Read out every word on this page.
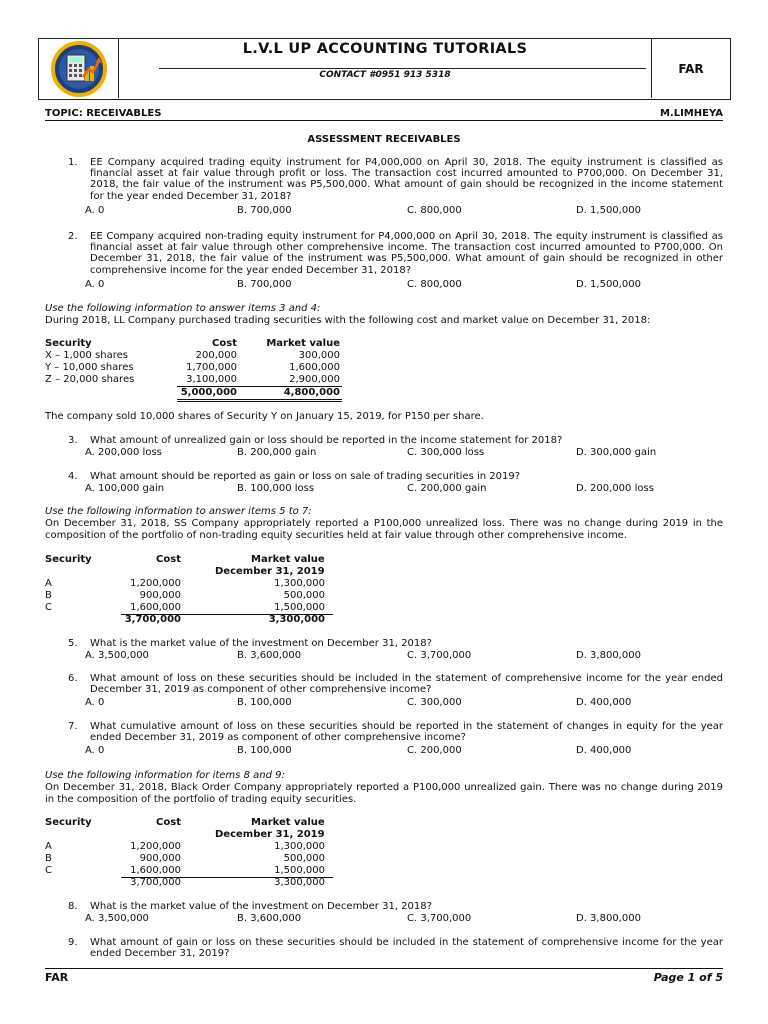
L.V.L UP ACCOUNTING TUTORIALS
CONTACT #0951 913 5318	FAR
TOPIC: RECEIVABLES	M.LIMHEYA
ASSESSMENT RECEIVABLES
1. EE Company acquired trading equity instrument for P4,000,000 on April 30, 2018. The equity instrument is classified as financial asset at fair value through profit or loss. The transaction cost incurred amounted to P700,000. On December 31, 2018, the fair value of the instrument was P5,500,000. What amount of gain should be recognized in the income statement for the year ended December 31, 2018?
A. 0	B. 700,000	C. 800,000	D. 1,500,000
2. EE Company acquired non-trading equity instrument for P4,000,000 on April 30, 2018. The equity instrument is classified as financial asset at fair value through other comprehensive income. The transaction cost incurred amounted to P700,000. On December 31, 2018, the fair value of the instrument was P5,500,000. What amount of gain should be recognized in other comprehensive income for the year ended December 31, 2018?
A. 0	B. 700,000	C. 800,000	D. 1,500,000
Use the following information to answer items 3 and 4:
During 2018, LL Company purchased trading securities with the following cost and market value on December 31, 2018:
Security	Cost	Market value
X – 1,000 shares	200,000	300,000
Y – 10,000 shares	1,700,000	1,600,000
Z – 20,000 shares	3,100,000	2,900,000
5,000,000	4,800,000
The company sold 10,000 shares of Security Y on January 15, 2019, for P150 per share.
3. What amount of unrealized gain or loss should be reported in the income statement for 2018?
A. 200,000 loss	B. 200,000 gain	C. 300,000 loss	D. 300,000 gain
4. What amount should be reported as gain or loss on sale of trading securities in 2019?
A. 100,000 gain	B. 100,000 loss	C. 200,000 gain	D. 200,000 loss
Use the following information to answer items 5 to 7:
On December 31, 2018, SS Company appropriately reported a P100,000 unrealized loss. There was no change during 2019 in the composition of the portfolio of non-trading equity securities held at fair value through other comprehensive income.
Security	Cost	Market value
December 31, 2019
A	1,200,000	1,300,000
B	900,000	500,000
C	1,600,000	1,500,000
3,700,000	3,300,000
5. What is the market value of the investment on December 31, 2018?
A. 3,500,000	B. 3,600,000	C. 3,700,000	D. 3,800,000
6. What amount of loss on these securities should be included in the statement of comprehensive income for the year ended December 31, 2019 as component of other comprehensive income?
A. 0	B. 100,000	C. 300,000	D. 400,000
7. What cumulative amount of loss on these securities should be reported in the statement of changes in equity for the year ended December 31, 2019 as component of other comprehensive income?
A. 0	B. 100,000	C. 200,000	D. 400,000
Use the following information for items 8 and 9:
On December 31, 2018, Black Order Company appropriately reported a P100,000 unrealized gain. There was no change during 2019 in the composition of the portfolio of trading equity securities.
Security	Cost	Market value
December 31, 2019
A	1,200,000	1,300,000
B	900,000	500,000
C	1,600,000	1,500,000
3,700,000	3,300,000
8. What is the market value of the investment on December 31, 2018?
A. 3,500,000	B. 3,600,000	C. 3,700,000	D. 3,800,000
9. What amount of gain or loss on these securities should be included in the statement of comprehensive income for the year ended December 31, 2019?
FAR	Page 1 of 5
